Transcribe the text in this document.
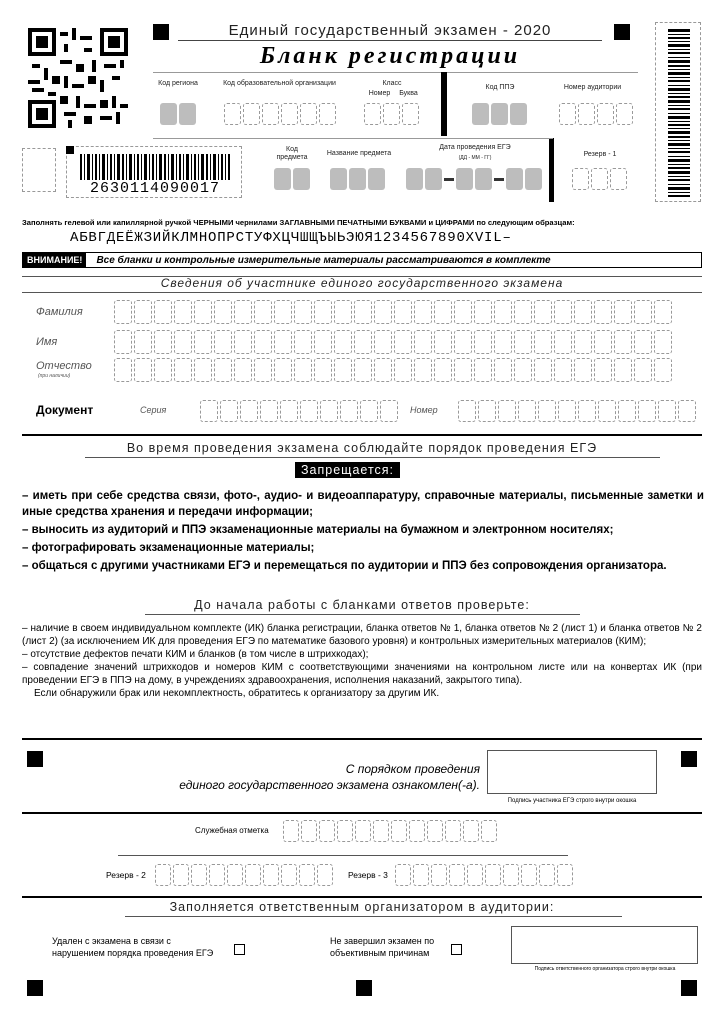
Единый государственный экзамен - 2020
Бланк регистрации
Код региона	Код образовательной организации	Класс
Номер	Буква
Код ППЭ	Номер аудитории
2630114090017
Код предмета
Название предмета
Дата проведения ЕГЭ
(ДД - ММ - ГГ)	Резерв - 1
Заполнять гелевой или капиллярной ручкой ЧЕРНЫМИ чернилами ЗАГЛАВНЫМИ ПЕЧАТНЫМИ БУКВАМИ и ЦИФРАМИ по следующим образцам:
АБВГДЕЁЖЗИЙКЛМНОПРСТУФХЦЧШЩЪЫЬЭЮЯ1234567890XVIL–
ВНИМАНИЕ!	Все бланки и контрольные измерительные материалы рассматриваются в комплекте
Сведения об участнике единого государственного экзамена
Фамилия
Имя
Отчество
(при наличии)
Документ	Серия	Номер
Во время проведения экзамена соблюдайте порядок проведения ЕГЭ
Запрещается:
– иметь при себе средства связи, фото-, аудио- и видеоаппаратуру, справочные материалы, письменные заметки и иные средства хранения и передачи информации;
– выносить из аудиторий и ППЭ экзаменационные материалы на бумажном и электронном носителях;
– фотографировать экзаменационные материалы;
– общаться с другими участниками ЕГЭ и перемещаться по аудитории и ППЭ без сопровождения организатора.
До начала работы с бланками ответов проверьте:
– наличие в своем индивидуальном комплекте (ИК) бланка регистрации, бланка ответов № 1, бланка ответов № 2 (лист 1) и бланка ответов № 2 (лист 2) (за исключением ИК для проведения ЕГЭ по математике базового уровня) и контрольных измерительных материалов (КИМ);
– отсутствие дефектов печати КИМ и бланков (в том числе в штрихкодах);
– совпадение значений штрихкодов и номеров КИМ с соответствующими значениями на контрольном листе или на конвертах ИК (при проведении ЕГЭ в ППЭ на дому, в учреждениях здравоохранения, исполнения наказаний, закрытого типа).
Если обнаружили брак или некомплектность, обратитесь к организатору за другим ИК.
С порядком проведения
единого государственного экзамена ознакомлен(-а).
Подпись участника ЕГЭ строго внутри окошка
Служебная отметка
Резерв - 2	Резерв - 3
Заполняется ответственным организатором в аудитории:
Удален с экзамена в связи с нарушением порядка проведения ЕГЭ
Не завершил экзамен по объективным причинам
Подпись ответственного организатора строго внутри окошка
